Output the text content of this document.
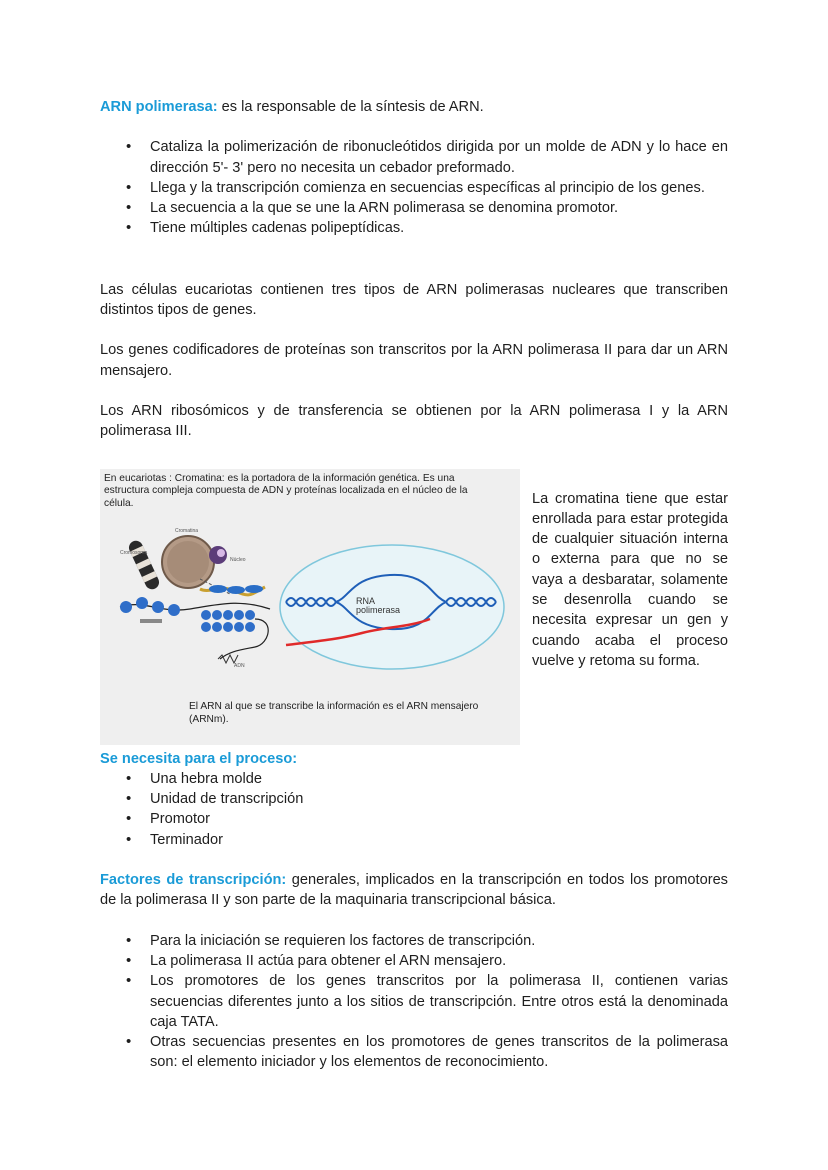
ARN polimerasa: es la responsable de la síntesis de ARN.

• Cataliza la polimerización de ribonucleótidos dirigida por un molde de ADN y lo hace en dirección 5'- 3' pero no necesita un cebador preformado.
• Llega y la transcripción comienza en secuencias específicas al principio de los genes.
• La secuencia a la que se une la ARN polimerasa se denomina promotor.
• Tiene múltiples cadenas polipeptídicas.

Las células eucariotas contienen tres tipos de ARN polimerasas nucleares que transcriben distintos tipos de genes.

Los genes codificadores de proteínas son transcritos por la ARN polimerasa II para dar un ARN mensajero.

Los ARN ribosómicos y de transferencia se obtienen por la ARN polimerasa I y la ARN polimerasa III.

Cromatina
Cromosoma
Núcleo
ADN
RNA
polimerasa
En eucariotas : Cromatina: es la portadora de la información genética. Es una estructura compleja compuesta de ADN y proteínas localizada en el núcleo de la célula.
El ARN al que se transcribe la información es el ARN mensajero (ARNm).

La cromatina tiene que estar enrollada para estar protegida de cualquier situación interna o externa para que no se vaya a desbaratar, solamente se desenrolla cuando se necesita expresar un gen y cuando acaba el proceso vuelve y retoma su forma.

Se necesita para el proceso:

• Una hebra molde
• Unidad de transcripción
• Promotor
• Terminador

Factores de transcripción: generales, implicados en la transcripción en todos los promotores de la polimerasa II y son parte de la maquinaria transcripcional básica.

• Para la iniciación se requieren los factores de transcripción.
• La polimerasa II actúa para obtener el ARN mensajero.
• Los promotores de los genes transcritos por la polimerasa II, contienen varias secuencias diferentes junto a los sitios de transcripción. Entre otros está la denominada caja TATA.
• Otras secuencias presentes en los promotores de genes transcritos de la polimerasa son: el elemento iniciador y los elementos de reconocimiento.
